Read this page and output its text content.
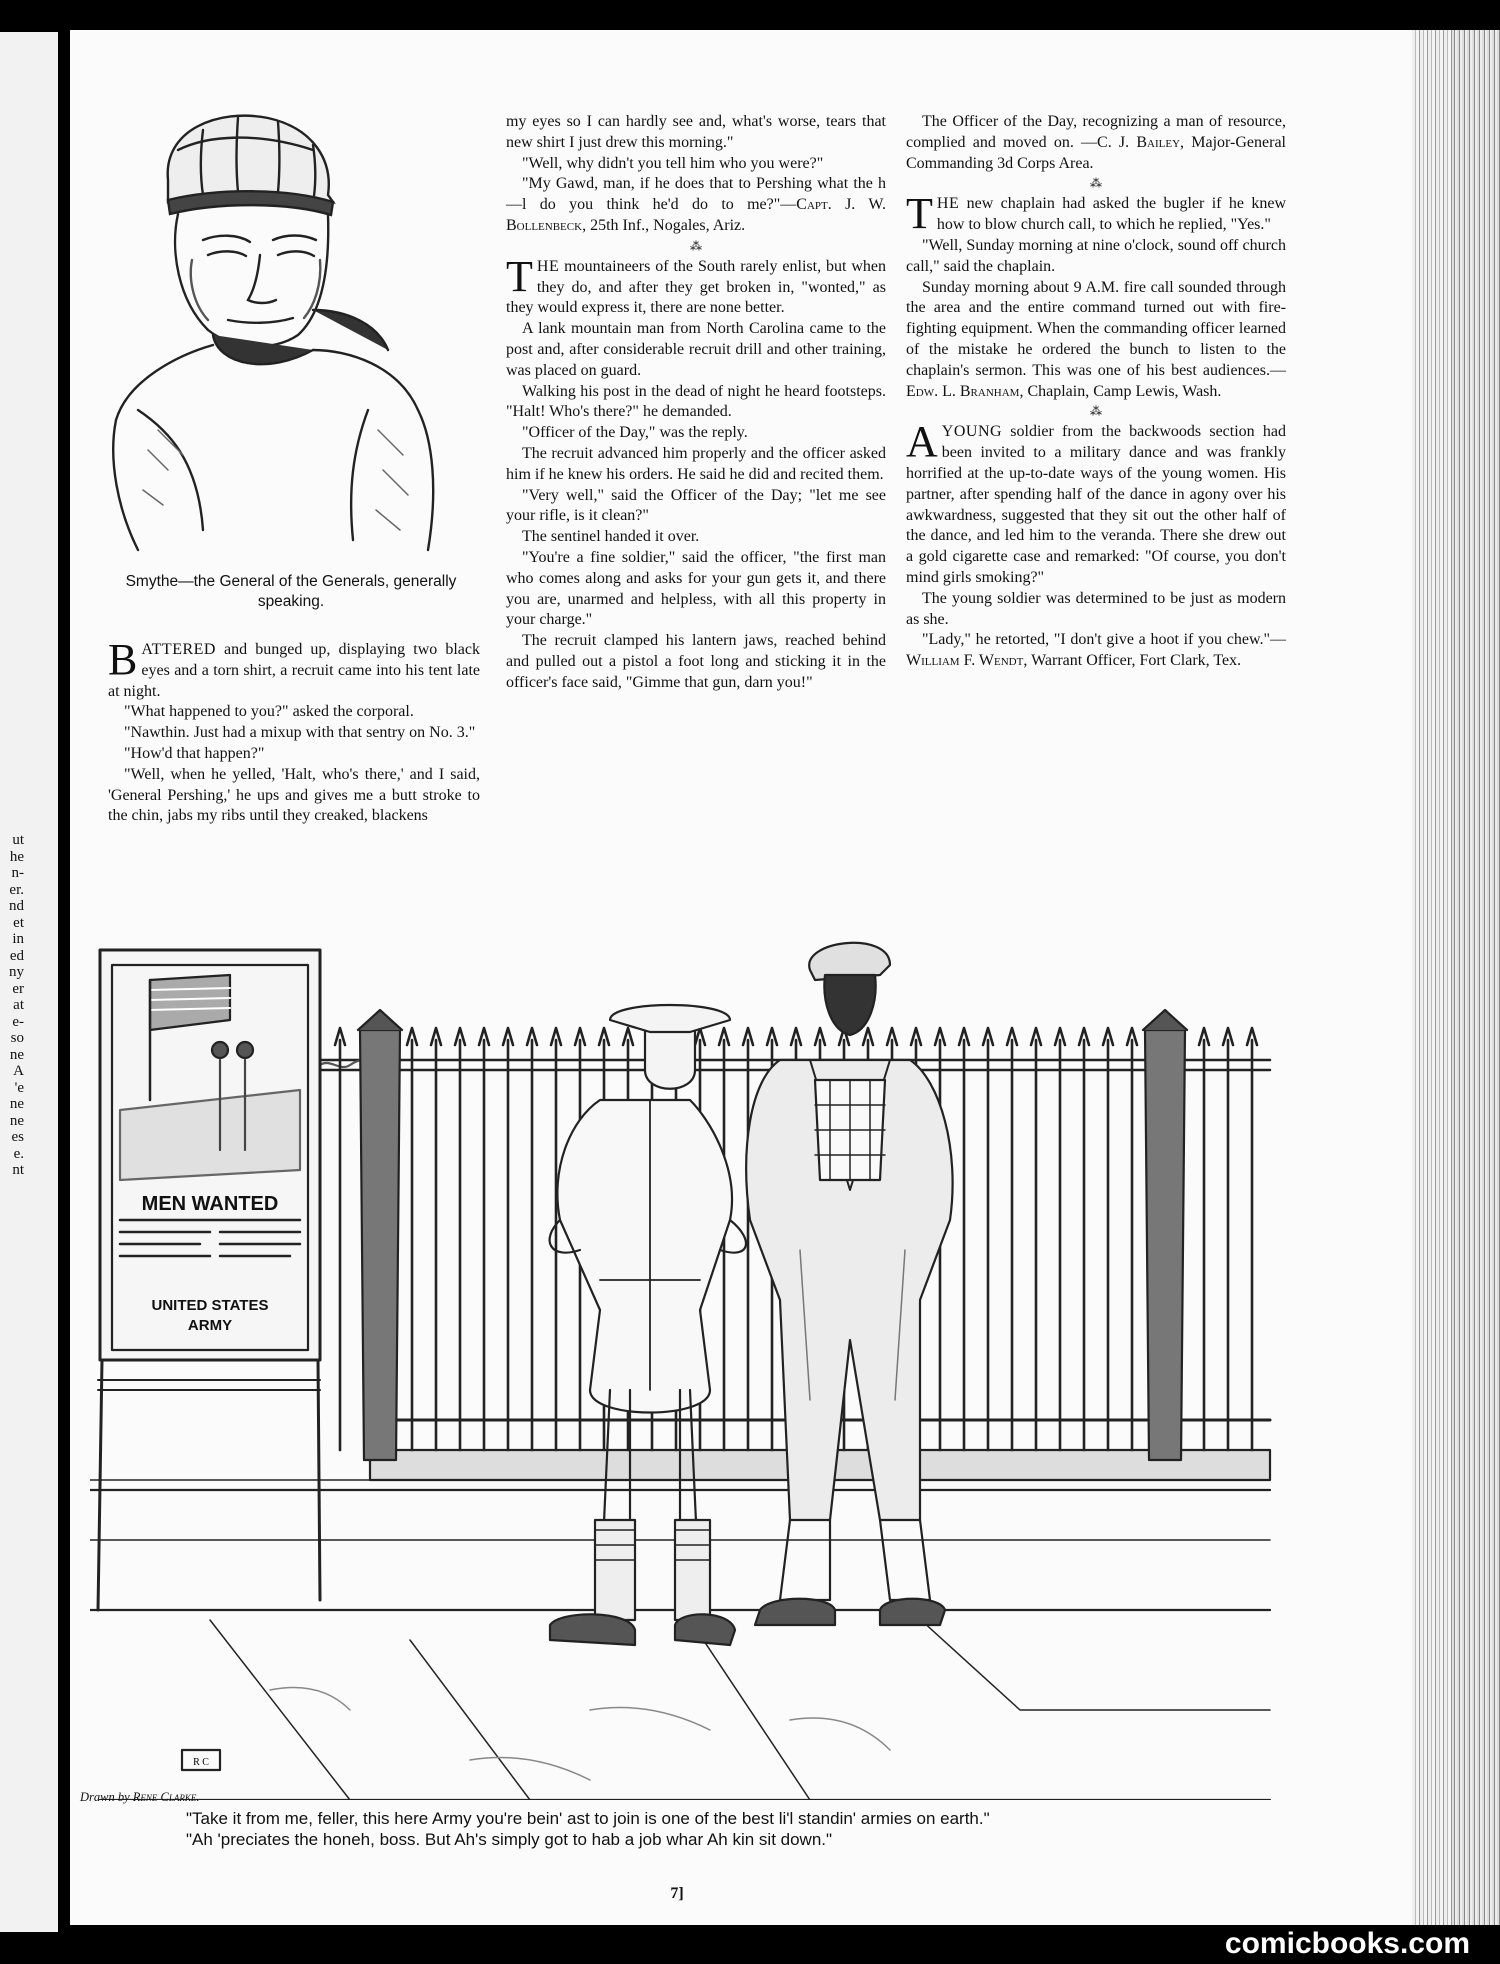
ut
he
n-
er.
nd
et
in
ed
ny
er
at
e-
so
ne
A
'e
ne
ne
es
e.
nt
Smythe—the General of the Generals, generally speaking.

BATTERED and bunged up, displaying two black eyes and a torn shirt, a recruit came into his tent late at night.

"What happened to you?" asked the corporal.

"Nawthin. Just had a mixup with that sentry on No. 3."

"How'd that happen?"

"Well, when he yelled, 'Halt, who's there,' and I said, 'General Pershing,' he ups and gives me a butt stroke to the chin, jabs my ribs until they creaked, blackens

my eyes so I can hardly see and, what's worse, tears that new shirt I just drew this morning."

"Well, why didn't you tell him who you were?"

"My Gawd, man, if he does that to Pershing what the h—l do you think he'd do to me?"—Capt. J. W. Bollenbeck, 25th Inf., Nogales, Ariz.

⁂

THE mountaineers of the South rarely enlist, but when they do, and after they get broken in, "wonted," as they would express it, there are none better.

A lank mountain man from North Carolina came to the post and, after considerable recruit drill and other training, was placed on guard.

Walking his post in the dead of night he heard footsteps. "Halt! Who's there?" he demanded.

"Officer of the Day," was the reply.

The recruit advanced him properly and the officer asked him if he knew his orders. He said he did and recited them.

"Very well," said the Officer of the Day; "let me see your rifle, is it clean?"

The sentinel handed it over.

"You're a fine soldier," said the officer, "the first man who comes along and asks for your gun gets it, and there you are, unarmed and helpless, with all this property in your charge."

The recruit clamped his lantern jaws, reached behind and pulled out a pistol a foot long and sticking it in the officer's face said, "Gimme that gun, darn you!"

The Officer of the Day, recognizing a man of resource, complied and moved on. —C. J. Bailey, Major-General Commanding 3d Corps Area.

⁂

THE new chaplain had asked the bugler if he knew how to blow church call, to which he replied, "Yes."

"Well, Sunday morning at nine o'clock, sound off church call," said the chaplain.

Sunday morning about 9 A.M. fire call sounded through the area and the entire command turned out with fire-fighting equipment. When the commanding officer learned of the mistake he ordered the bunch to listen to the chaplain's sermon. This was one of his best audiences.—Edw. L. Branham, Chaplain, Camp Lewis, Wash.

⁂

AYOUNG soldier from the backwoods section had been invited to a military dance and was frankly horrified at the up-to-date ways of the young women. His partner, after spending half of the dance in agony over his awkwardness, suggested that they sit out the other half of the dance, and led him to the veranda. There she drew out a gold cigarette case and remarked: "Of course, you don't mind girls smoking?"

The young soldier was determined to be just as modern as she.

"Lady," he retorted, "I don't give a hoot if you chew."—William F. Wendt, Warrant Officer, Fort Clark, Tex.

MEN WANTED
UNITED STATES
ARMY
R C
Drawn by Rene Clarke.

"Take it from me, feller, this here Army you're bein' ast to join is one of the best li'l standin' armies on earth."

"Ah 'preciates the honeh, boss. But Ah's simply got to hab a job whar Ah kin sit down."

7]
comicbooks.com
